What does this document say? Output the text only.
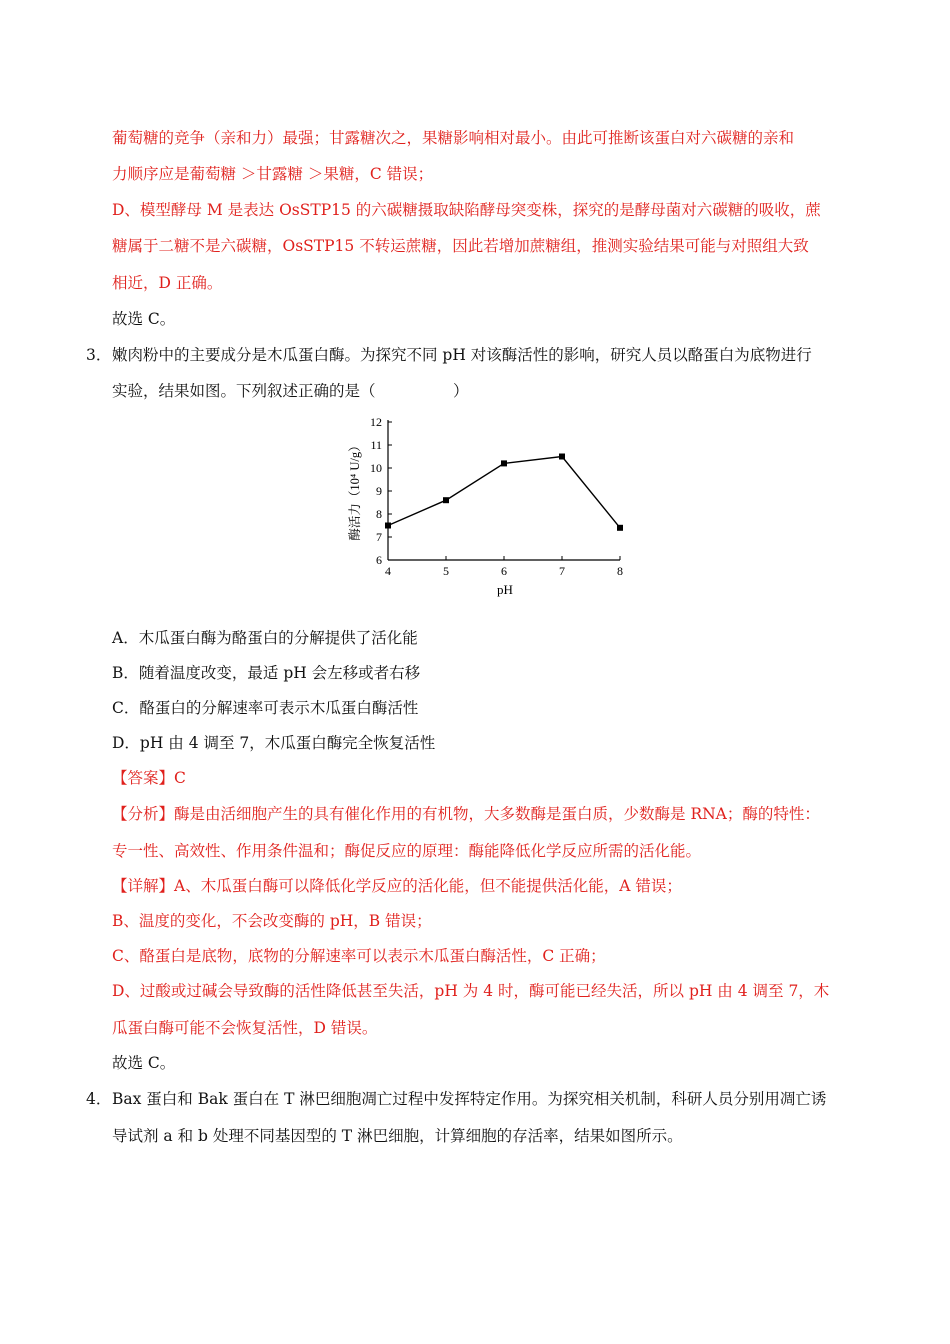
葡萄糖的竞争（亲和力）最强；甘露糖次之，果糖影响相对最小。由此可推断该蛋白对六碳糖的亲和
力顺序应是葡萄糖 ＞甘露糖 ＞果糖，C 错误；
D、模型酵母 M 是表达 OsSTP15 的六碳糖摄取缺陷酵母突变株，探究的是酵母菌对六碳糖的吸收，蔗
糖属于二糖不是六碳糖，OsSTP15 不转运蔗糖，因此若增加蔗糖组，推测实验结果可能与对照组大致
相近，D 正确。
故选 C。
3． 嫩肉粉中的主要成分是木瓜蛋白酶。为探究不同 pH 对该酶活性的影响，研究人员以酪蛋白为底物进行
实验，结果如图。下列叙述正确的是（　　　　　）
4	5	6	7	8
6
7
8
9
10
11
12
pH
酶活力（10⁴ U/g）
A．木瓜蛋白酶为酪蛋白的分解提供了活化能
B．随着温度改变，最适 pH 会左移或者右移
C．酪蛋白的分解速率可表示木瓜蛋白酶活性
D．pH 由 4 调至 7，木瓜蛋白酶完全恢复活性
【答案】C
【分析】酶是由活细胞产生的具有催化作用的有机物，大多数酶是蛋白质，少数酶是 RNA；酶的特性：
专一性、高效性、作用条件温和；酶促反应的原理：酶能降低化学反应所需的活化能。
【详解】A、木瓜蛋白酶可以降低化学反应的活化能，但不能提供活化能，A 错误；
B、温度的变化，不会改变酶的 pH，B 错误；
C、酪蛋白是底物，底物的分解速率可以表示木瓜蛋白酶活性，C 正确；
D、过酸或过碱会导致酶的活性降低甚至失活，pH 为 4 时，酶可能已经失活，所以 pH 由 4 调至 7，木
瓜蛋白酶可能不会恢复活性，D 错误。
故选 C。
4． Bax 蛋白和 Bak 蛋白在 T 淋巴细胞凋亡过程中发挥特定作用。为探究相关机制，科研人员分别用凋亡诱
导试剂 a 和 b 处理不同基因型的 T 淋巴细胞，计算细胞的存活率，结果如图所示。
